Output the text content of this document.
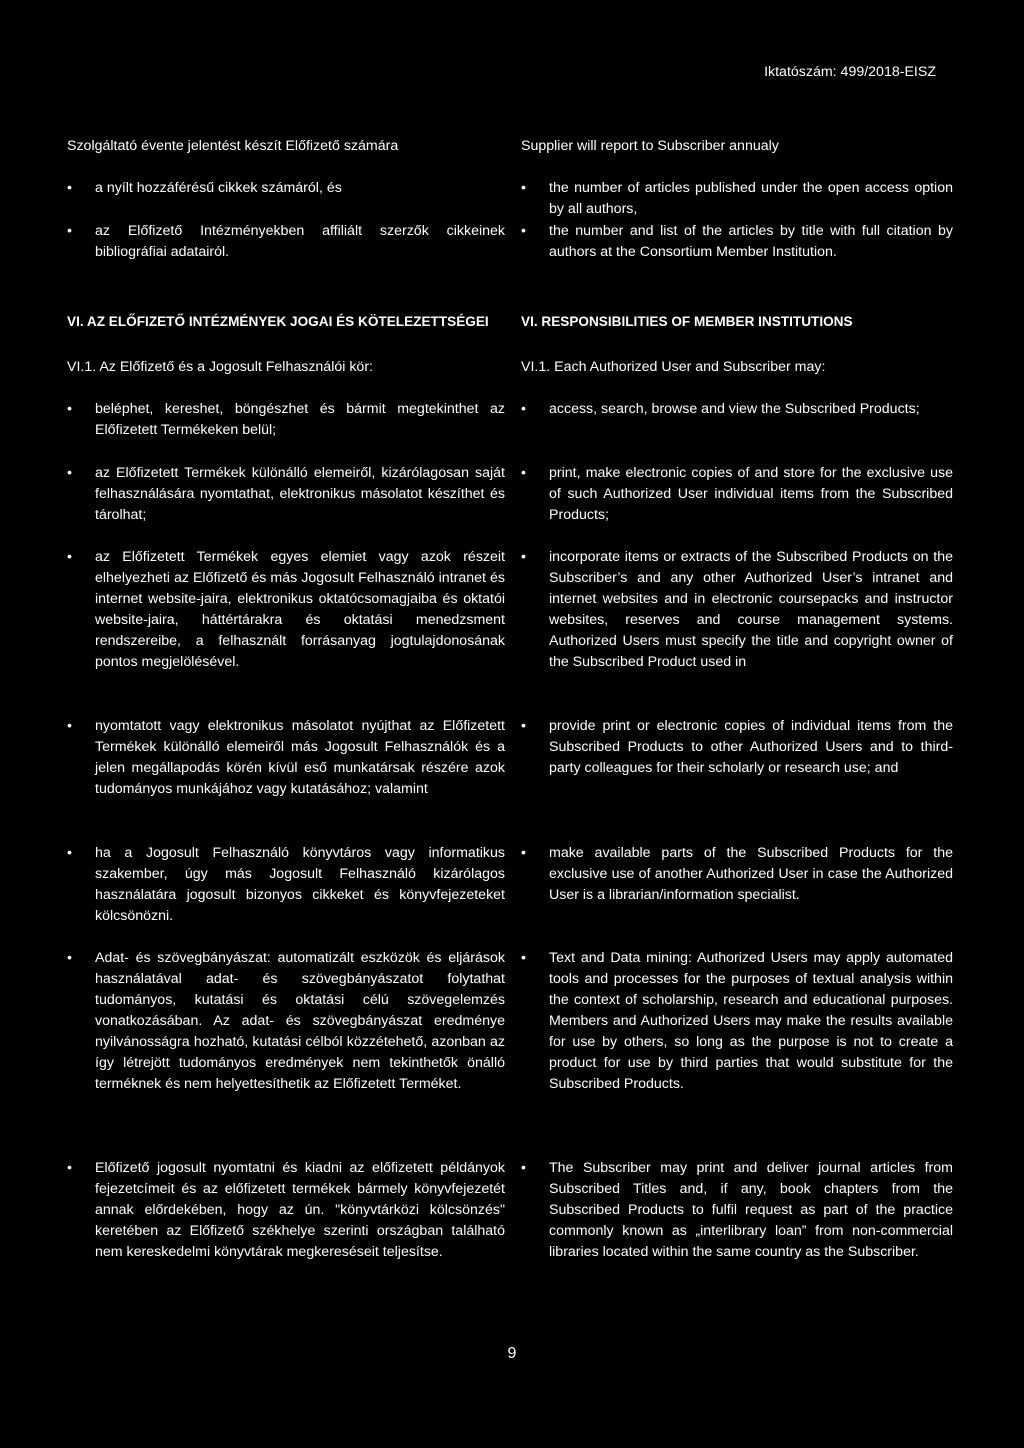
Iktatószám: 499/2018-EISZ
Szolgáltató évente jelentést készít Előfizető számára
• a nyílt hozzáférésű cikkek számáról, és
• az Előfizető Intézményekben affiliált szerzők cikkeinek bibliográfiai adatairól.
VI. AZ ELŐFIZETŐ INTÉZMÉNYEK JOGAI ÉS KÖTELEZETTSÉGEI
VI.1. Az Előfizető és a Jogosult Felhasználói kör:
• beléphet, kereshet, böngészhet és bármit megtekinthet az Előfizetett Termékeken belül;
• az Előfizetett Termékek különálló elemeiről, kizárólagosan saját felhasználására nyomtathat, elektronikus másolatot készíthet és tárolhat;
• az Előfizetett Termékek egyes elemiet vagy azok részeit elhelyezheti az Előfizető és más Jogosult Felhasználó intranet és internet website-jaira, elektronikus oktatócsomagjaiba és oktatói website-jaira, háttértárakra és oktatási menedzsment rendszereibe, a felhasznált forrásanyag jogtulajdonosának pontos megjelölésével.
• nyomtatott vagy elektronikus másolatot nyújthat az Előfizetett Termékek különálló elemeiről más Jogosult Felhasználók és a jelen megállapodás körén kívül eső munkatársak részére azok tudományos munkájához vagy kutatásához; valamint
• ha a Jogosult Felhasználó könyvtáros vagy informatikus szakember, úgy más Jogosult Felhasználó kizárólagos használatára jogosult bizonyos cikkeket és könyvfejezeteket kölcsönözni.
• Adat- és szövegbányászat: automatizált eszközök és eljárások használatával adat- és szövegbányászatot folytathat tudományos, kutatási és oktatási célú szövegelemzés vonatkozásában. Az adat- és szövegbányászat eredménye nyilvánosságra hozható, kutatási célból közzétehető, azonban az így létrejött tudományos eredmények nem tekinthetők önálló terméknek és nem helyettesíthetik az Előfizetett Terméket.
• Előfizető jogosult nyomtatni és kiadni az előfizetett példányok fejezetcímeit és az előfizetett termékek bármely könyvfejezetét annak előrdekében, hogy az ún. "könyvtárközi kölcsönzés" keretében az Előfizető székhelye szerinti országban található nem kereskedelmi könyvtárak megkereséseit teljesítse.
Supplier will report to Subscriber annualy
• the number of articles published under the open access option by all authors,
• the number and list of the articles by title with full citation by authors at the Consortium Member Institution.
VI. RESPONSIBILITIES OF MEMBER INSTITUTIONS
VI.1. Each Authorized User and Subscriber may:
• access, search, browse and view the Subscribed Products;
• print, make electronic copies of and store for the exclusive use of such Authorized User individual items from the Subscribed Products;
• incorporate items or extracts of the Subscribed Products on the Subscriber’s and any other Authorized User’s intranet and internet websites and in electronic coursepacks and instructor websites, reserves and course management systems. Authorized Users must specify the title and copyright owner of the Subscribed Product used in
• provide print or electronic copies of individual items from the Subscribed Products to other Authorized Users and to third-party colleagues for their scholarly or research use; and
• make available parts of the Subscribed Products for the exclusive use of another Authorized User in case the Authorized User is a librarian/information specialist.
• Text and Data mining: Authorized Users may apply automated tools and processes for the purposes of textual analysis within the context of scholarship, research and educational purposes. Members and Authorized Users may make the results available for use by others, so long as the purpose is not to create a product for use by third parties that would substitute for the Subscribed Products.
• The Subscriber may print and deliver journal articles from Subscribed Titles and, if any, book chapters from the Subscribed Products to fulfil request as part of the practice commonly known as „interlibrary loan” from non-commercial libraries located within the same country as the Subscriber.
9
